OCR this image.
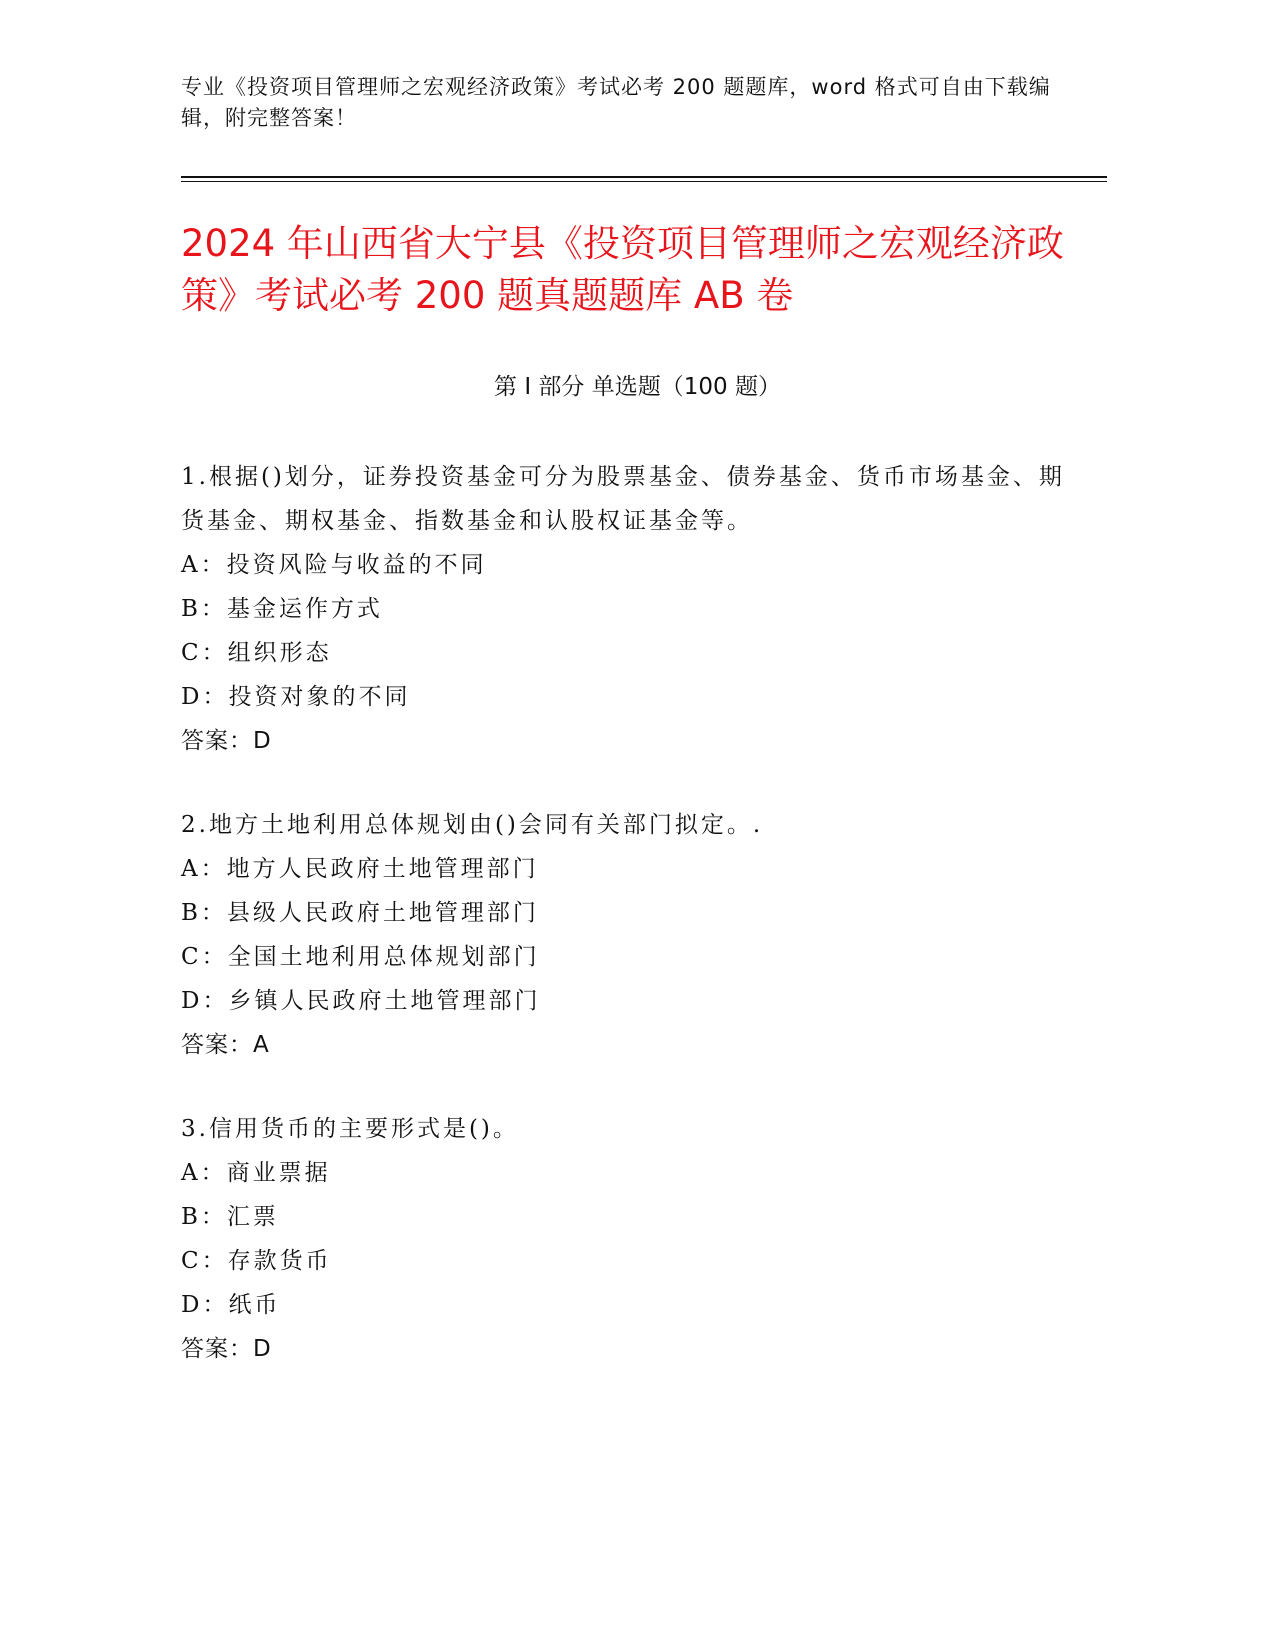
专业《投资项目管理师之宏观经济政策》考试必考 200 题题库，word 格式可自由下载编辑，附完整答案！

2024 年山西省大宁县《投资项目管理师之宏观经济政策》考试必考 200 题真题题库 AB 卷
第 I 部分 单选题（100 题）

1.根据()划分，证券投资基金可分为股票基金、债券基金、货币市场基金、期货基金、期权基金、指数基金和认股权证基金等。

A：投资风险与收益的不同

B：基金运作方式

C：组织形态

D：投资对象的不同

答案：D

2.地方土地利用总体规划由()会同有关部门拟定。.

A：地方人民政府土地管理部门

B：县级人民政府土地管理部门

C：全国土地利用总体规划部门

D：乡镇人民政府土地管理部门

答案：A

3.信用货币的主要形式是()。

A：商业票据

B：汇票

C：存款货币

D：纸币

答案：D
